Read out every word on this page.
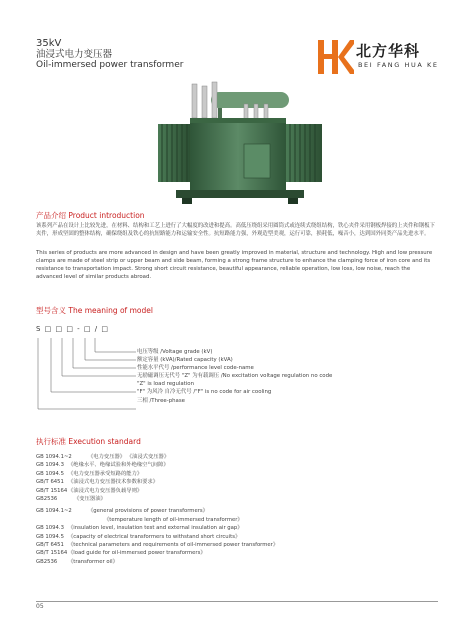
35kV
油浸式电力变压器
Oil-immersed power transformer
北方华科
BEI FANG HUA KE
产品介绍 Product introduction
该系列产品在设计上比较先进，在材料、结构和工艺上进行了大幅度的改进和提高。高低压绕组采用圆筒式或连续式绕组结构，铁心夹件采用钢板焊接的上夹件和钢板下夹件，形成坚固的整体结构，确保绕组及铁心的抗短路能力和运输安全性。抗短路能力强，外观造型美观，运行可靠，损耗低，噪音小，达到国外同类产品先进水平。
This series of products are more advanced in design and have been greatly improved in material, structure and technology. High and low pressure clamps are made of steel strip or upper beam and side beam, forming a strong frame structure to enhance the clamping force of iron core and its resistance to transportation impact. Strong short circuit resistance, beautiful appearance, reliable operation, low loss, low noise, reach the advanced level of similar products abroad.
型号含义 The meaning of model
S □ □ □ - □ / □
电压等级 /Voltage grade (kV)
额定容量 (kVA)/Rated capacity (kVA)
性能水平代号 /performance level code-name
无励磁调压无代号 "Z" 为有载调压 /No excitation voltage regulation no code
"Z" is load regulation
"F" 为风冷 自冷无代号 /"F" is no code for air cooling
三相 /Three-phase
执行标准 Execution standard
GB 1094.1~2	《电力变压器》 《油浸式变压器》
GB 1094.3 《绝缘水平、绝缘试验和外绝缘空气间隙》
GB 1094.5 《电力变压器承受短路的能力》
GB/T 6451 《油浸式电力变压器技术参数和要求》
GB/T 15164 《油浸式电力变压器负载导则》
GB2536	《变压器油》
GB 1094.1~2	《general provisions of power transformers》
《temperature length of oil-immersed transformer》
GB 1094.3 《insulation level, insulation test and external insulation air gap》
GB 1094.5 《capacity of electrical transformers to withstand short circuits》
GB/T 6451 《technical parameters and requirements of oil-immersed power transformer》
GB/T 15164 《load guide for oil-immersed power transformers》
GB2536 《transformer oil》
05
